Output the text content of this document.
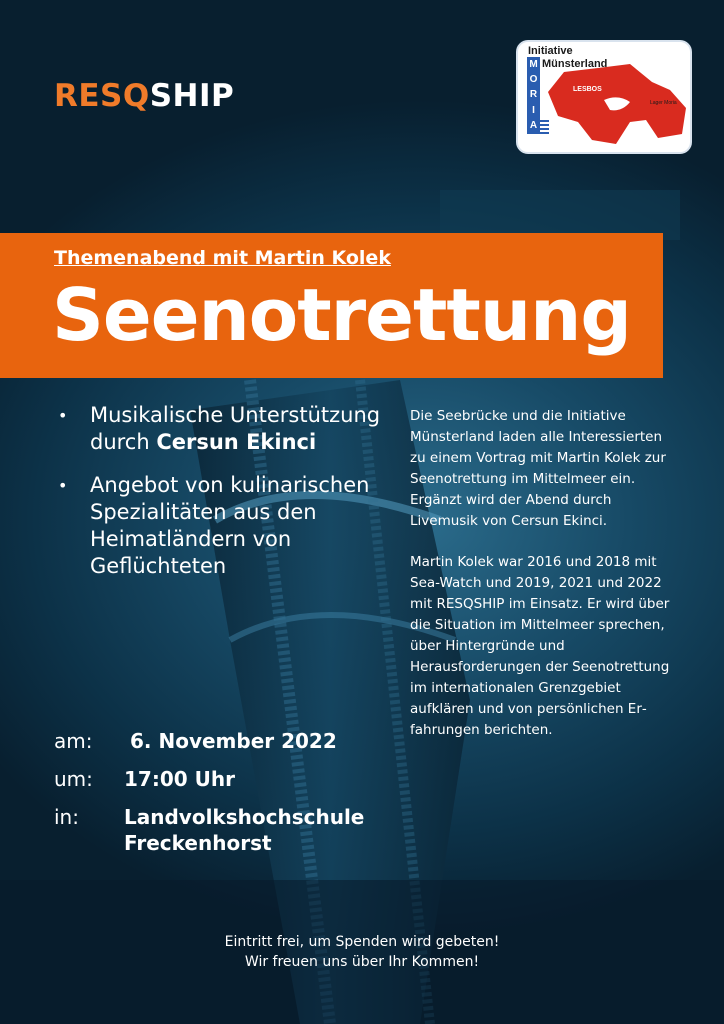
RESQSHIP
Initiative
Münsterland
M
O
R
I
A
LESBOS
Lager Moria
Themenabend mit Martin Kolek
Seenotrettung
• Musikalische Unterstützung durch Cersun Ekinci
• Angebot von kulinarischen Spezialitäten aus den Heimatländern von Geflüchteten

Die Seebrücke und die Initiative Münsterland laden alle Interessierten zu einem Vortrag mit Martin Kolek zur Seenotrettung im Mittelmeer ein. Ergänzt wird der Abend durch Livemusik von Cersun Ekinci.

Martin Kolek war 2016 und 2018 mit Sea-Watch und 2019, 2021 und 2022 mit RESQSHIP im Einsatz. Er wird über die Situation im Mittelmeer sprechen, über Hintergründe und Herausforderungen der Seenotrettung im internationalen Grenzgebiet aufklären und von persönlichen Erfahrungen berichten.

am:	6. November 2022
um:	17:00 Uhr
in:	Landvolkshochschule
Freckenhorst
Eintritt frei, um Spenden wird gebeten!
Wir freuen uns über Ihr Kommen!
